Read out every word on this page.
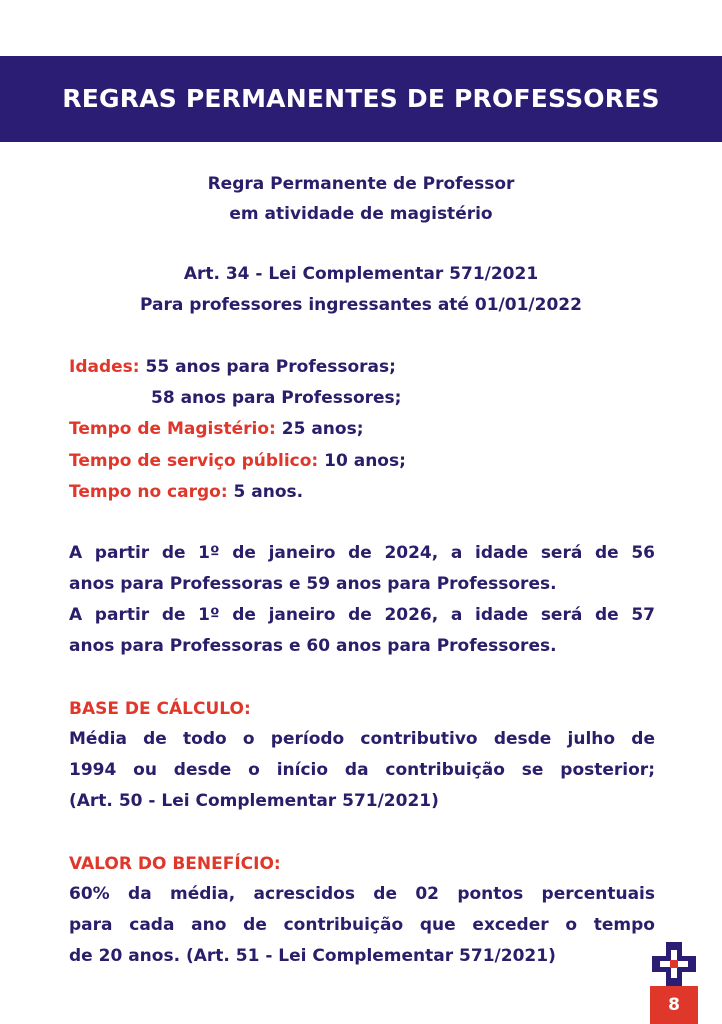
REGRAS PERMANENTES DE PROFESSORES
Regra Permanente de Professor
em atividade de magistério
Art. 34 - Lei Complementar 571/2021
Para professores ingressantes até 01/01/2022
Idades: 55 anos para Professoras;
58 anos para Professores;
Tempo de Magistério: 25 anos;
Tempo de serviço público: 10 anos;
Tempo no cargo: 5 anos.
A partir de 1º de janeiro de 2024, a idade será de 56
anos para Professoras e 59 anos para Professores.
A partir de 1º de janeiro de 2026, a idade será de 57
anos para Professoras e 60 anos para Professores.
BASE DE CÁLCULO:
Média de todo o período contributivo desde julho de
1994 ou desde o início da contribuição se posterior;
(Art. 50 - Lei Complementar 571/2021)
VALOR DO BENEFÍCIO:
60% da média, acrescidos de 02 pontos percentuais
para cada ano de contribuição que exceder o tempo
de 20 anos. (Art. 51 - Lei Complementar 571/2021)
8
